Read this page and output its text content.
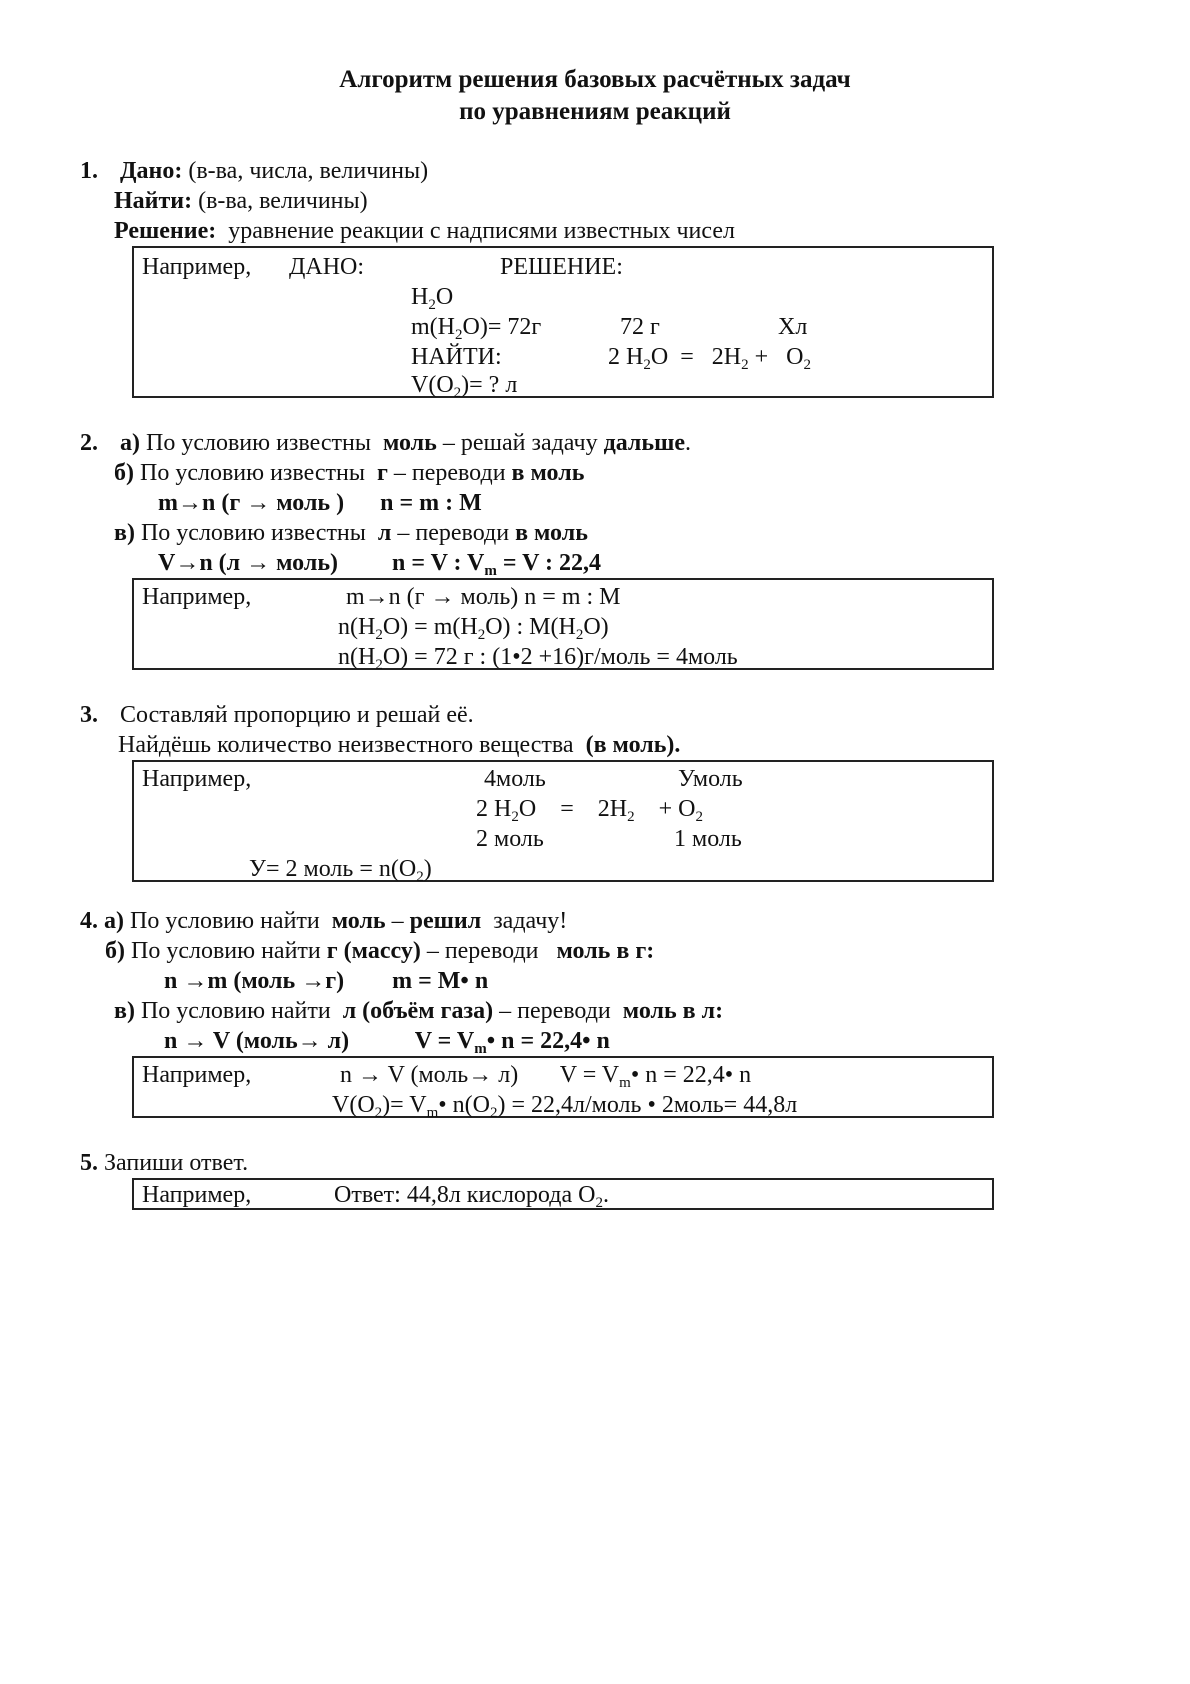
Алгоритм решения базовых расчётных задач
по уравнениям реакций
1. Дано: (в-ва, числа, величины)
Найти: (в-ва, величины)
Решение: уравнение реакции с надписями известных чисел
Например, ДАНО:	РЕШЕНИЕ:
$H_2O$
$m(H_2O)= 72г$	72 г	Хл
НАЙТИ:	2 $H_2O = 2H_2 + O_2$
$V(O_2)=$ ? л
2. а) По условию известны моль – решай задачу дальше.
б) По условию известны г – переводи в моль
m→n (г → моль ) n = m : M
в) По условию известны л – переводи в моль
V→n (л → моль) n = V : $V_m = V$ : 22,4
Например,	m→n (г → моль) n = m : M
$n(H_2O) = m(H_2O)$ : $M(H_2O)$
$n(H_2O) = 72$ г : (1•2 +16)г/моль = 4моль
3. Составляй пропорцию и решай её.
Найдёшь количество неизвестного вещества (в моль).
Например,	4моль	Умоль
2 $H_2O = 2H_2 + O_2$
2 моль	1 моль
У= 2 моль = $n(O_2)$
4. а) По условию найти моль – решил задачу!
б) По условию найти г (массу) – переводи моль в г:
n →m (моль →г) m = M• n
в) По условию найти л (объём газа) – переводи моль в л:
n → V (моль→ л)	$V = V_m•$ n = 22,4• n
Например,	n → V (моль→ л) $V = V_m•$ n = 22,4• n
$V(O_2)=$ $V_m•$ $n(O_2)$ = 22,4л/моль • 2моль= 44,8л
5. Запиши ответ.
Например,	Ответ: 44,8л кислорода $O_2$.
